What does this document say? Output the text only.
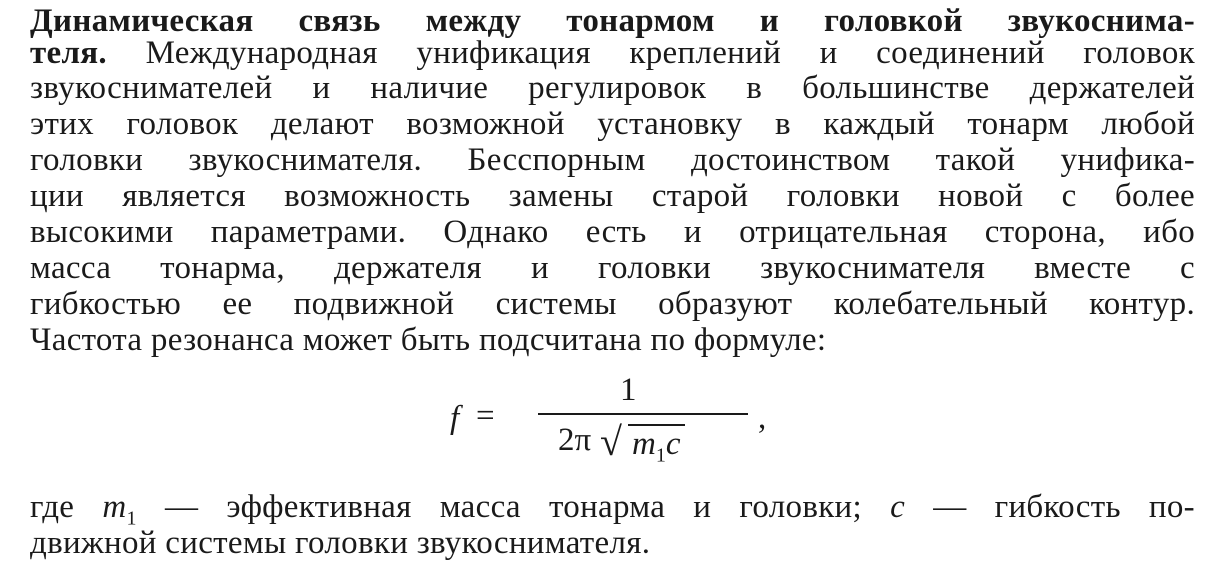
Динамическая связь между тонармом и головкой звукоснима-
теля. Международная унификация креплений и соединений головок
звукоснимателей и наличие регулировок в большинстве держателей
этих головок делают возможной установку в каждый тонарм любой
головки звукоснимателя. Бесспорным достоинством такой унифика-
ции является возможность замены старой головки новой с более
высокими параметрами. Однако есть и отрицательная сторона, ибо
масса тонарма, держателя и головки звукоснимателя вместе с
гибкостью ее подвижной системы образуют колебательный контур.
Частота резонанса может быть подсчитана по формуле:
f =
1
2π √ $m_1c$
,
где $m_1$ — эффективная масса тонарма и головки; c — гибкость по-
движной системы головки звукоснимателя.
